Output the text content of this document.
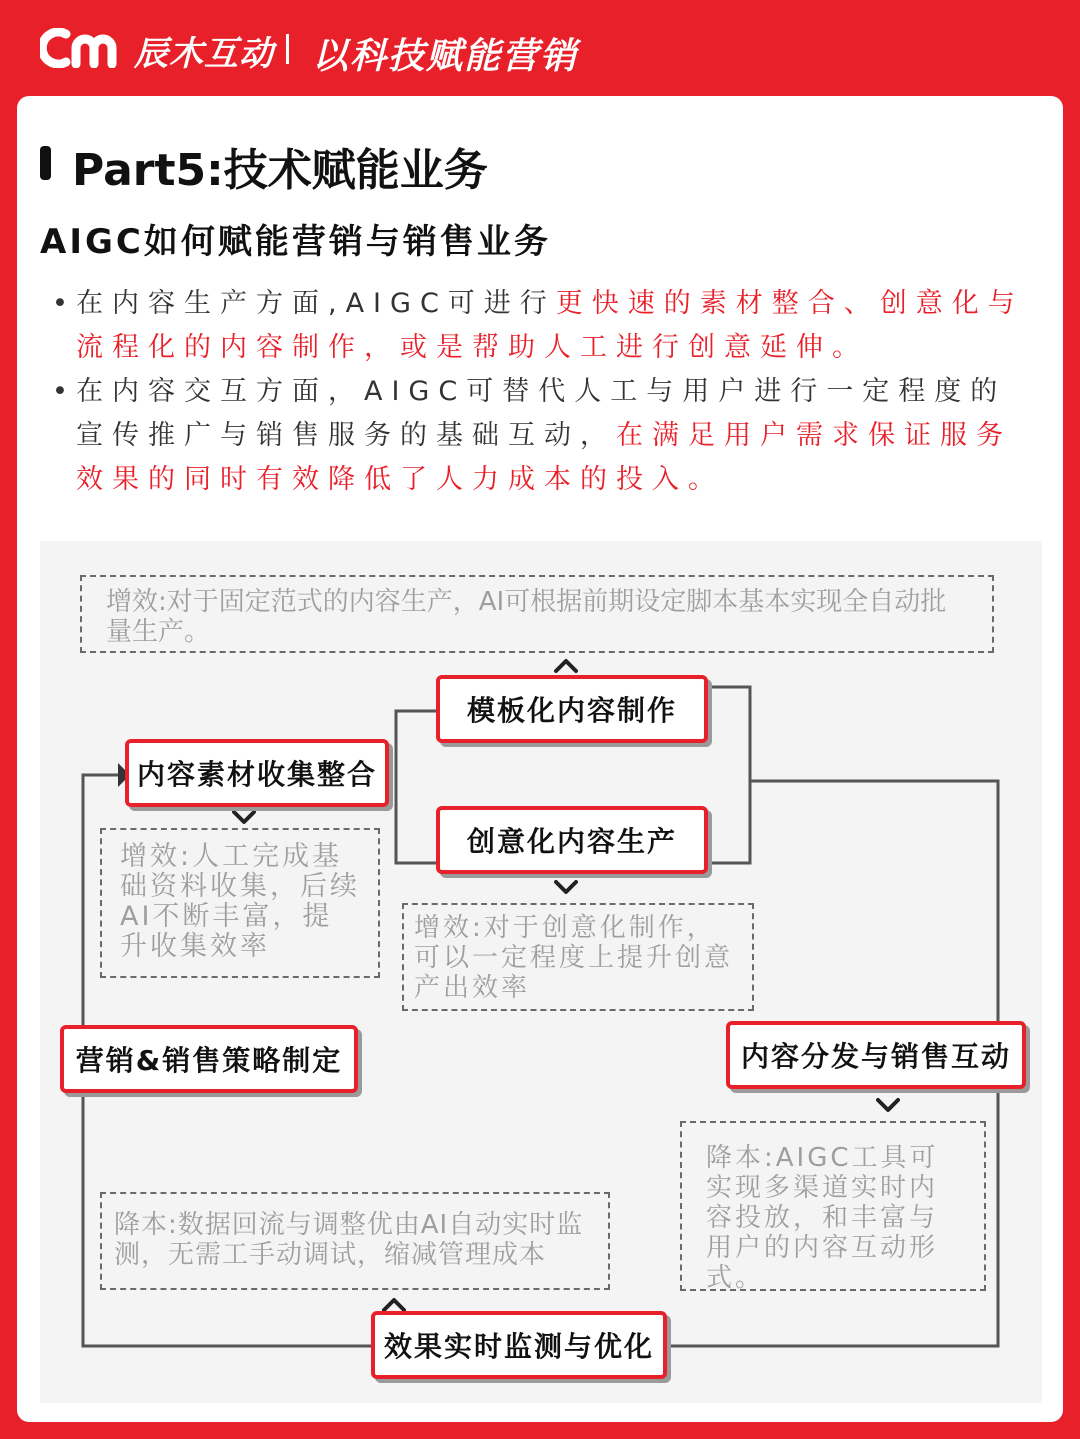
辰木互动 以科技赋能营销
Part5:技术赋能业务
AIGC如何赋能营销与销售业务
• 在内容生产方面,AIGC可进行更快速的素材整合、创意化与流程化的内容制作，或是帮助人工进行创意延伸。
• 在内容交互方面，AIGC可替代人工与用户进行一定程度的宣传推广与销售服务的基础互动，在满足用户需求保证服务效果的同时有效降低了人力成本的投入。
增效:对于固定范式的内容生产，AI可根据前期设定脚本基本实现全自动批量生产。
模板化内容制作
内容素材收集整合
增效:人工完成基础资料收集，后续AI不断丰富，提升收集效率
创意化内容生产
增效:对于创意化制作，可以一定程度上提升创意产出效率
营销&销售策略制定	内容分发与销售互动
降本:AIGC工具可实现多渠道实时内容投放，和丰富与用户的内容互动形式。
降本:数据回流与调整优由AI自动实时监测，无需工手动调试，缩减管理成本
效果实时监测与优化
